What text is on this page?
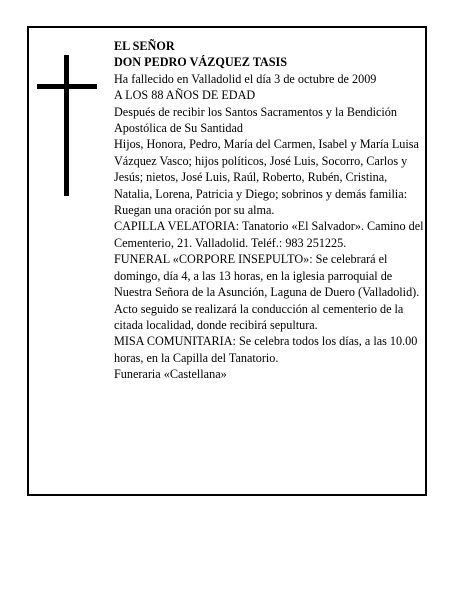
EL SEÑOR

DON PEDRO VÁZQUEZ TASIS

Ha fallecido en Valladolid el día 3 de octubre de 2009

A LOS 88 AÑOS DE EDAD

Después de recibir los Santos Sacramentos y la Bendición Apostólica de Su Santidad

Hijos, Honora, Pedro, María del Carmen, Isabel y María Luisa Vázquez Vasco; hijos políticos, José Luis, Socorro, Carlos y Jesús; nietos, José Luis, Raúl, Roberto, Rubén, Cristina, Natalia, Lorena, Patricia y Diego; sobrinos y demás familia:

Ruegan una oración por su alma.

CAPILLA VELATORIA: Tanatorio «El Salvador». Camino del Cementerio, 21. Valladolid. Teléf.: 983 251225.

FUNERAL «CORPORE INSEPULTO»: Se celebrará el domingo, día 4, a las 13 horas, en la iglesia parroquial de Nuestra Señora de la Asunción, Laguna de Duero (Valladolid). Acto seguido se realizará la conducción al cementerio de la citada localidad, donde recibirá sepultura.

MISA COMUNITARIA: Se celebra todos los días, a las 10.00 horas, en la Capilla del Tanatorio.

Funeraria «Castellana»
